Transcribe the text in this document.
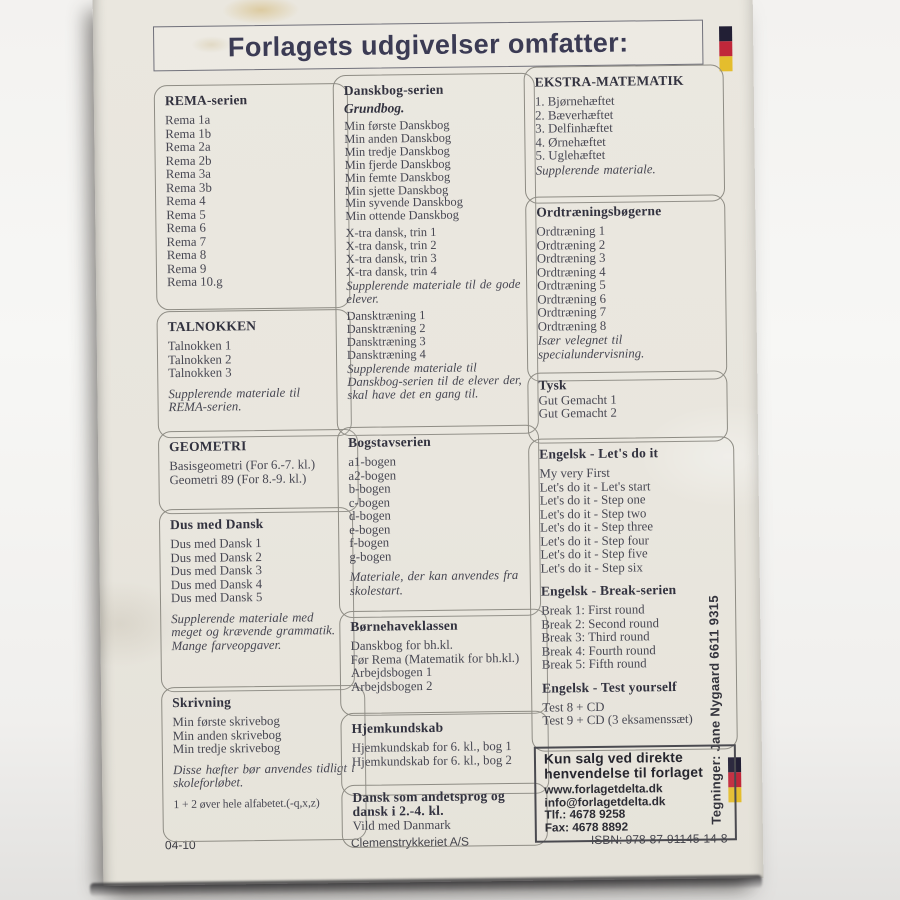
Forlagets udgivelser omfatter:
Tegninger: Jane Nygaard 6611 9315
04-10	Clemenstrykkeriet A/S	ISBN: 978-87-91145-14-8
REMA-serien
Rema 1a
Rema 1b
Rema 2a
Rema 2b
Rema 3a
Rema 3b
Rema 4
Rema 5
Rema 6
Rema 7
Rema 8
Rema 9
Rema 10.g
TALNOKKEN
Talnokken 1
Talnokken 2
Talnokken 3
Supplerende materiale til REMA-serien.
GEOMETRI
Basisgeometri (For 6.-7. kl.)
Geometri 89 (For 8.-9. kl.)
Dus med Dansk
Dus med Dansk 1
Dus med Dansk 2
Dus med Dansk 3
Dus med Dansk 4
Dus med Dansk 5
Supplerende materiale med meget og krævende grammatik. Mange farveopgaver.
Skrivning
Min første skrivebog
Min anden skrivebog
Min tredje skrivebog
Disse hæfter bør anvendes tidligt i skoleforløbet.
1 + 2 øver hele alfabetet.(-q,x,z)
Danskbog-serien
Grundbog.
Min første Danskbog
Min anden Danskbog
Min tredje Danskbog
Min fjerde Danskbog
Min femte Danskbog
Min sjette Danskbog
Min syvende Danskbog
Min ottende Danskbog
X-tra dansk, trin 1
X-tra dansk, trin 2
X-tra dansk, trin 3
X-tra dansk, trin 4
Supplerende materiale til de gode elever.
Dansktræning 1
Dansktræning 2
Dansktræning 3
Dansktræning 4
Supplerende materiale til Danskbog-serien til de elever der, skal have det en gang til.
Bogstavserien
a1-bogen
a2-bogen
b-bogen
c-bogen
d-bogen
e-bogen
f-bogen
g-bogen
Materiale, der kan anvendes fra skolestart.
Børnehaveklassen
Danskbog for bh.kl.
Før Rema (Matematik for bh.kl.)
Arbejdsbogen 1
Arbejdsbogen 2
Hjemkundskab
Hjemkundskab for 6. kl., bog 1
Hjemkundskab for 6. kl., bog 2
Dansk som andetsprog og dansk i 2.-4. kl.
Vild med Danmark
EKSTRA-MATEMATIK
1. Bjørnehæftet
2. Bæverhæftet
3. Delfinhæftet
4. Ørnehæftet
5. Uglehæftet
Supplerende materiale.
Ordtræningsbøgerne
Ordtræning 1
Ordtræning 2
Ordtræning 3
Ordtræning 4
Ordtræning 5
Ordtræning 6
Ordtræning 7
Ordtræning 8
Især velegnet til specialundervisning.
Tysk
Gut Gemacht 1
Gut Gemacht 2
Engelsk - Let's do it
My very First
Let's do it - Let's start
Let's do it - Step one
Let's do it - Step two
Let's do it - Step three
Let's do it - Step four
Let's do it - Step five
Let's do it - Step six
Engelsk - Break-serien
Break 1: First round
Break 2: Second round
Break 3: Third round
Break 4: Fourth round
Break 5: Fifth round
Engelsk - Test yourself
Test 8 + CD
Test 9 + CD (3 eksamenssæt)
Kun salg ved direkte henvendelse til forlaget
www.forlagetdelta.dk
info@forlagetdelta.dk
Tlf.: 4678 9258
Fax: 4678 8892
